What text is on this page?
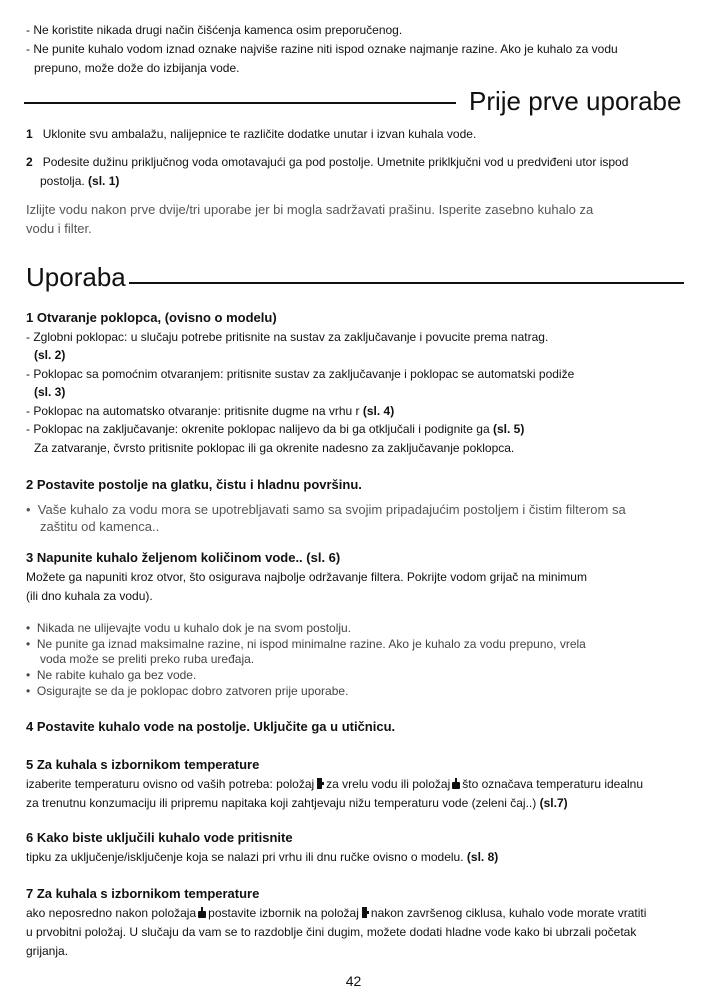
- Ne koristite nikada drugi način čišćenja kamenca osim preporučenog.
- Ne punite kuhalo vodom iznad oznake najviše razine niti ispod oznake najmanje razine. Ako je kuhalo za vodu
prepuno, može dože do izbijanja vode.
Prije prve uporabe
1 Uklonite svu ambalažu, nalijepnice te različite dodatke unutar i izvan kuhala vode.
2 Podesite dužinu priključnog voda omotavajući ga pod postolje. Umetnite priklkjučni vod u predviđeni utor ispod
postolja. (sl. 1)
Izlijte vodu nakon prve dvije/tri uporabe jer bi mogla sadržavati prašinu. Isperite zasebno kuhalo za
vodu i filter.
Uporaba
1 Otvaranje poklopca, (ovisno o modelu)
- Zglobni poklopac: u slučaju potrebe pritisnite na sustav za zaključavanje i povucite prema natrag.
(sl. 2)
- Poklopac sa pomoćnim otvaranjem: pritisnite sustav za zaključavanje i poklopac se automatski podiže
(sl. 3)
- Poklopac na automatsko otvaranje: pritisnite dugme na vrhu r (sl. 4)
- Poklopac na zaključavanje: okrenite poklopac nalijevo da bi ga otključali i podignite ga (sl. 5)
Za zatvaranje, čvrsto pritisnite poklopac ili ga okrenite nadesno za zaključavanje poklopca.
2 Postavite postolje na glatku, čistu i hladnu površinu.
• Vaše kuhalo za vodu mora se upotrebljavati samo sa svojim pripadajućim postoljem i čistim filterom sa
zaštitu od kamenca..
3 Napunite kuhalo željenom količinom vode.. (sl. 6)
Možete ga napuniti kroz otvor, što osigurava najbolje održavanje filtera. Pokrijte vodom grijač na minimum
(ili dno kuhala za vodu).
• Nikada ne ulijevajte vodu u kuhalo dok je na svom postolju.
• Ne punite ga iznad maksimalne razine, ni ispod minimalne razine. Ako je kuhalo za vodu prepuno, vrela
voda može se preliti preko ruba uređaja.
• Ne rabite kuhalo ga bez vode.
• Osigurajte se da je poklopac dobro zatvoren prije uporabe.
4 Postavite kuhalo vode na postolje. Uključite ga u utičnicu.
5 Za kuhala s izbornikom temperature
izaberite temperaturu ovisno od vaših potreba: položaj za vrelu vodu ili položaj što označava temperaturu idealnu
za trenutnu konzumaciju ili pripremu napitaka koji zahtjevaju nižu temperaturu vode (zeleni čaj..) (sl.7)
6 Kako biste uključili kuhalo vode pritisnite
tipku za uključenje/isključenje koja se nalazi pri vrhu ili dnu ručke ovisno o modelu. (sl. 8)
7 Za kuhala s izbornikom temperature
ako neposredno nakon položaja postavite izbornik na položaj nakon završenog ciklusa, kuhalo vode morate vratiti
u prvobitni položaj. U slučaju da vam se to razdoblje čini dugim, možete dodati hladne vode kako bi ubrzali početak
grijanja.
42
